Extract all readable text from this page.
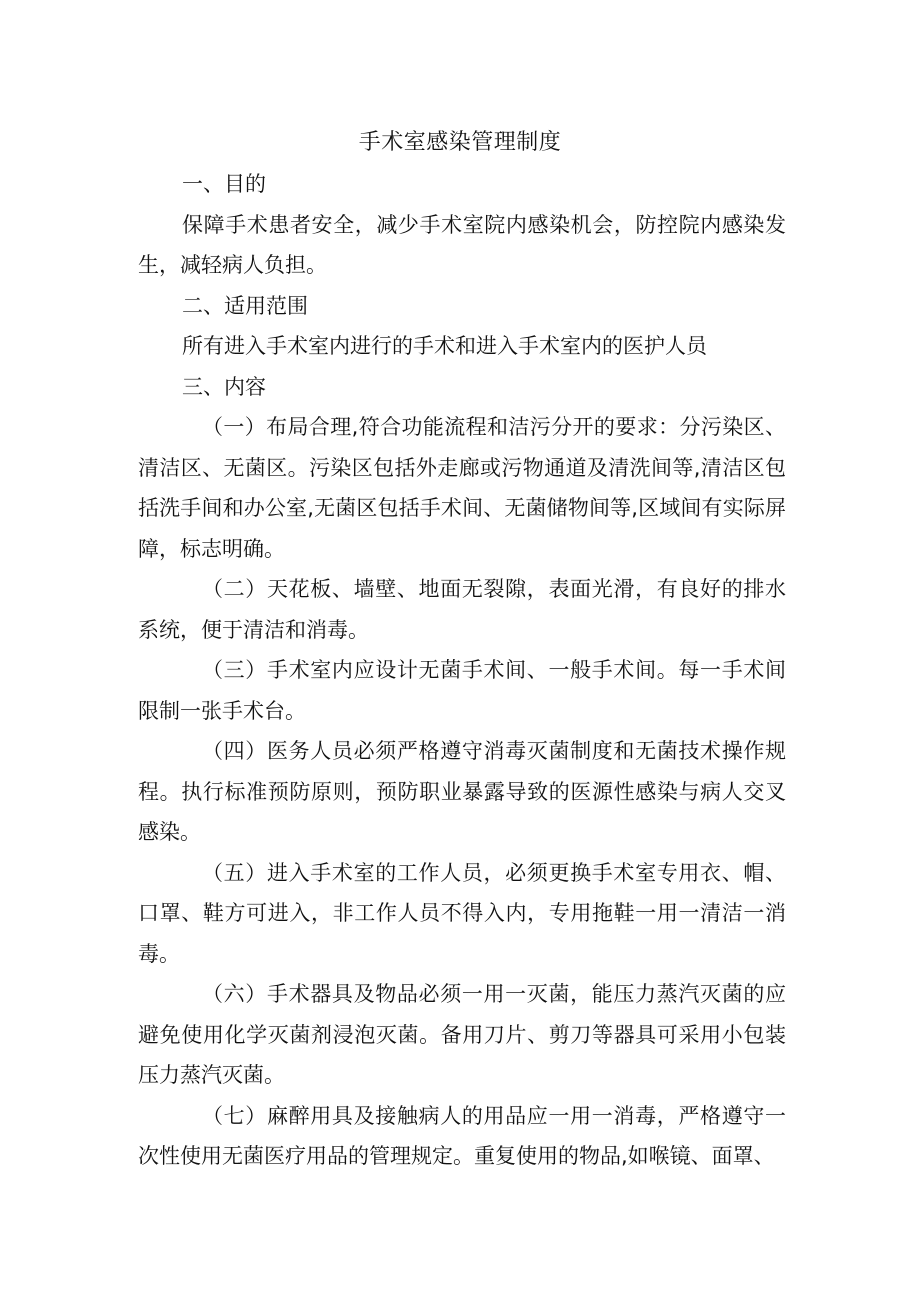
手术室感染管理制度

一、目的

保障手术患者安全，减少手术室院内感染机会，防控院内感染发生，减轻病人负担。

二、适用范围

所有进入手术室内进行的手术和进入手术室内的医护人员

三、内容

（一）布局合理,符合功能流程和洁污分开的要求：分污染区、清洁区、无菌区。污染区包括外走廊或污物通道及清洗间等,清洁区包括洗手间和办公室,无菌区包括手术间、无菌储物间等,区域间有实际屏障，标志明确。

（二）天花板、墙壁、地面无裂隙，表面光滑，有良好的排水系统，便于清洁和消毒。

（三）手术室内应设计无菌手术间、一般手术间。每一手术间限制一张手术台。

（四）医务人员必须严格遵守消毒灭菌制度和无菌技术操作规程。执行标准预防原则，预防职业暴露导致的医源性感染与病人交叉感染。

（五）进入手术室的工作人员，必须更换手术室专用衣、帽、口罩、鞋方可进入，非工作人员不得入内，专用拖鞋一用一清洁一消毒。

（六）手术器具及物品必须一用一灭菌，能压力蒸汽灭菌的应避免使用化学灭菌剂浸泡灭菌。备用刀片、剪刀等器具可采用小包装压力蒸汽灭菌。

（七）麻醉用具及接触病人的用品应一用一消毒，严格遵守一次性使用无菌医疗用品的管理规定。重复使用的物品,如喉镜、面罩、
